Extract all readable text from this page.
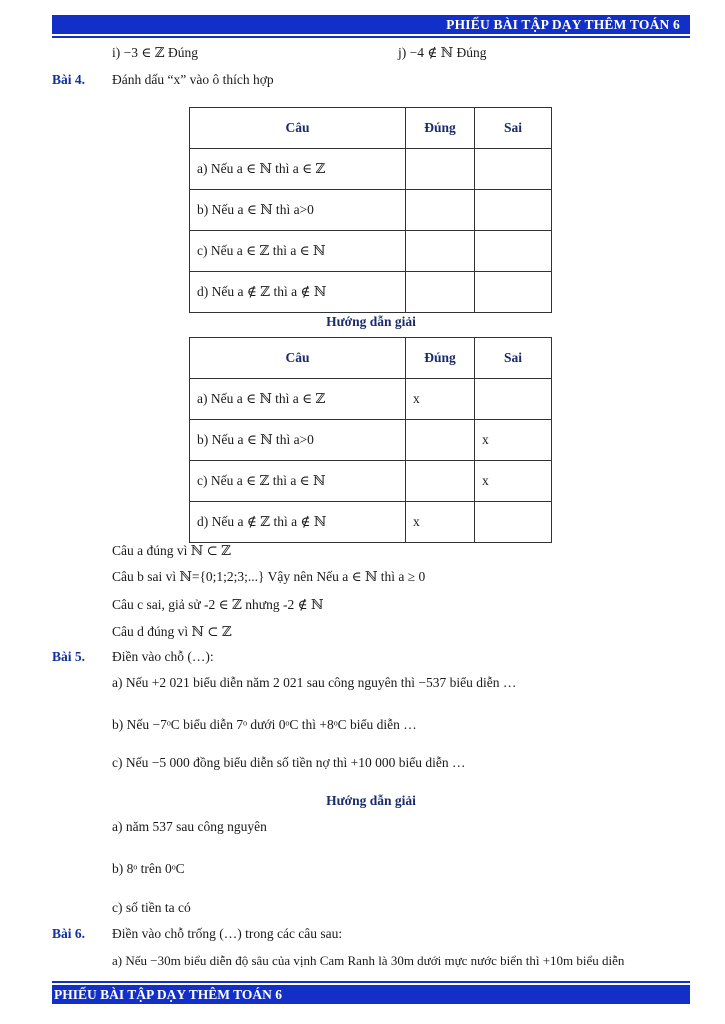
PHIẾU BÀI TẬP DẠY THÊM TOÁN 6
i) −3 ∈ ℤ Đúng	j) −4 ∉ ℕ Đúng
Bài 4. Đánh dấu “x” vào ô thích hợp
Câu	Đúng	Sai
a) Nếu a ∈ ℕ thì a ∈ ℤ		
b) Nếu a ∈ ℕ thì a>0		
c) Nếu a ∈ ℤ thì a ∈ ℕ		
d) Nếu a ∉ ℤ thì a ∉ ℕ		
Hướng dẫn giải
Câu	Đúng	Sai
a) Nếu a ∈ ℕ thì a ∈ ℤ	x	
b) Nếu a ∈ ℕ thì a>0		x
c) Nếu a ∈ ℤ thì a ∈ ℕ		x
d) Nếu a ∉ ℤ thì a ∉ ℕ	x	
Câu a đúng vì ℕ ⊂ ℤ
Câu b sai vì ℕ={0;1;2;3;...} Vậy nên Nếu a ∈ ℕ thì a ≥ 0
Câu c sai, giả sử -2 ∈ ℤ nhưng -2 ∉ ℕ
Câu d đúng vì ℕ ⊂ ℤ
Bài 5. Điền vào chỗ (…):
a) Nếu +2 021 biểu diễn năm 2 021 sau công nguyên thì −537 biểu diễn …
b) Nếu −7ᵒC biểu diễn 7ᵒ dưới 0ᵒC thì +8ᵒC biểu diễn …
c) Nếu −5 000 đồng biểu diễn số tiền nợ thì +10 000 biểu diễn …
Hướng dẫn giải
a) năm 537 sau công nguyên
b) 8ᵒ trên 0ᵒC
c) số tiền ta có
Bài 6. Điền vào chỗ trống (…) trong các câu sau:
a) Nếu −30m biểu diễn độ sâu của vịnh Cam Ranh là 30m dưới mực nước biển thì +10m biểu diễn
PHIẾU BÀI TẬP DẠY THÊM TOÁN 6
